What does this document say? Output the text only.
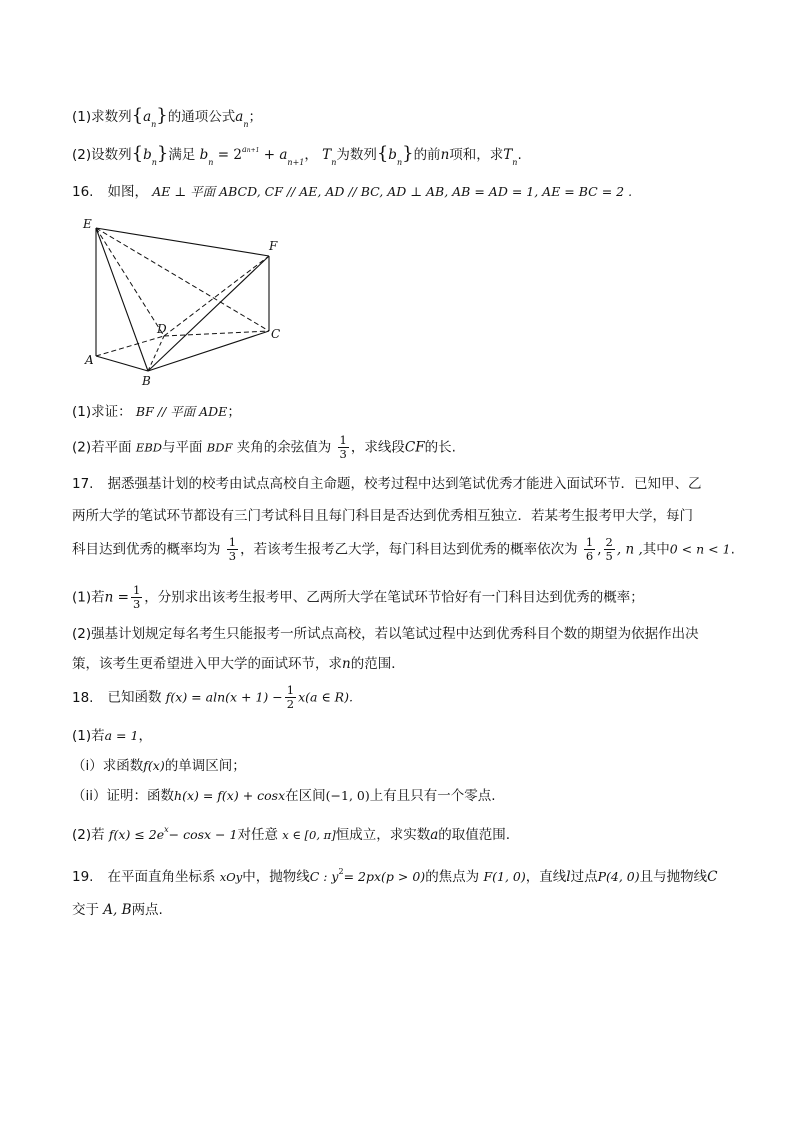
(1)求数列$\{a_n\}$的通项公式$a_n$；
(2)设数列$\{b_n\}$满足 $b_n = 2^{an+1} + a_{n+1}$， $T_n$为数列$\{b_n\}$的前n项和，求$T_n$.
16. 如图， AE ⊥ 平面 ABCD, CF // AE, AD // BC, AD ⊥ AB, AB = AD = 1, AE = BC = 2 .
E
F
D	C
A
B
(1)求证： BF // 平面 ADE；
(2)若平面 EBD与平面 BDF 夹角的余弦值为 $\frac{1}{3}$ ，求线段CF的长.
17. 据悉强基计划的校考由试点高校自主命题，校考过程中达到笔试优秀才能进入面试环节．已知甲、乙
两所大学的笔试环节都设有三门考试科目且每门科目是否达到优秀相互独立．若某考生报考甲大学，每门
科目达到优秀的概率均为 $\frac{1}{3}$ ，若该考生报考乙大学，每门科目达到优秀的概率依次为 $\frac{1}{6}$ , $\frac{2}{5}$ , n ,其中0 < n < 1.
(1)若$n = \frac{1}{3}$ ，分别求出该考生报考甲、乙两所大学在笔试环节恰好有一门科目达到优秀的概率；
(2)强基计划规定每名考生只能报考一所试点高校，若以笔试过程中达到优秀科目个数的期望为依据作出决
策，该考生更希望进入甲大学的面试环节，求n的范围．
18. 已知函数 $f(x) = aln(x + 1) - \frac{1}{2} x(a$ ∈ R).
(1)若a = 1，
（i）求函数f(x)的单调区间；
（ii）证明：函数h(x) = f(x) + cosx在区间(−1, 0)上有且只有一个零点.
(2)若 $f(x) \le 2e^x- \cos x - 1$对任意 x ∈ [0, π]恒成立，求实数a的取值范围.
19. 在平面直角坐标系 xOy中，抛物线C : $y^2= 2px(p > 0)$的焦点为 F(1, 0)，直线l过点P(4, 0)且与抛物线C
交于 A, B两点.
